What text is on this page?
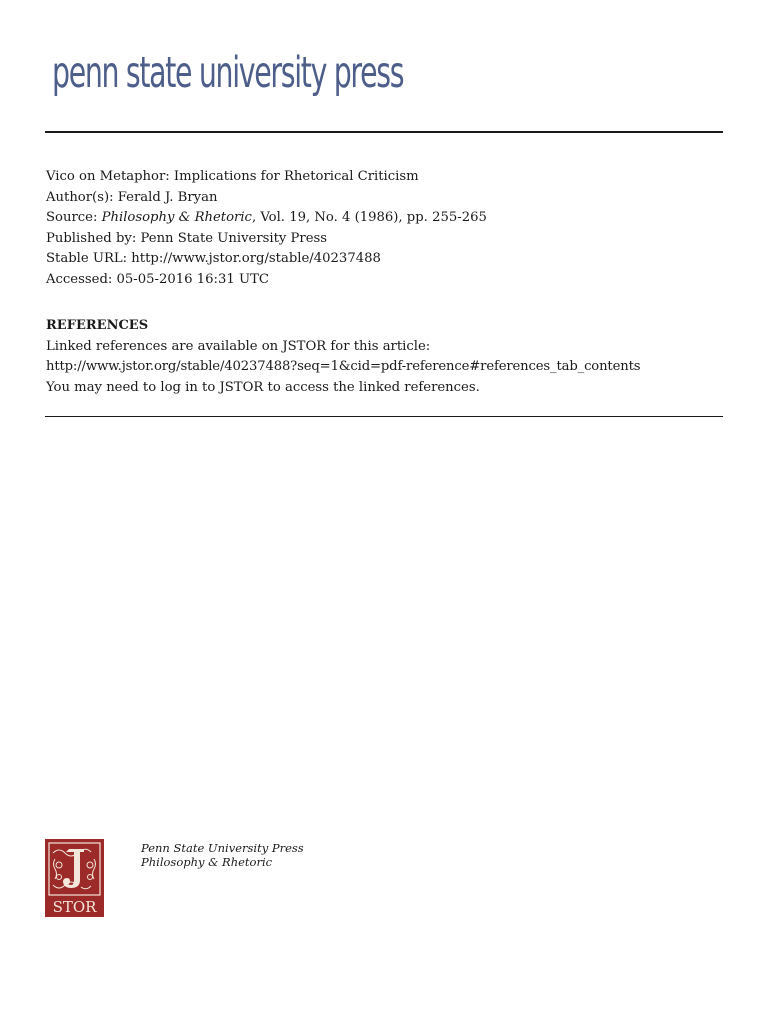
penn state university press
Vico on Metaphor: Implications for Rhetorical Criticism
Author(s): Ferald J. Bryan
Source: Philosophy & Rhetoric, Vol. 19, No. 4 (1986), pp. 255-265
Published by: Penn State University Press
Stable URL: http://www.jstor.org/stable/40237488
Accessed: 05-05-2016 16:31 UTC
REFERENCES
Linked references are available on JSTOR for this article:
http://www.jstor.org/stable/40237488?seq=1&cid=pdf-reference#references_tab_contents
You may need to log in to JSTOR to access the linked references.
STOR
Penn State University Press
Philosophy & Rhetoric
